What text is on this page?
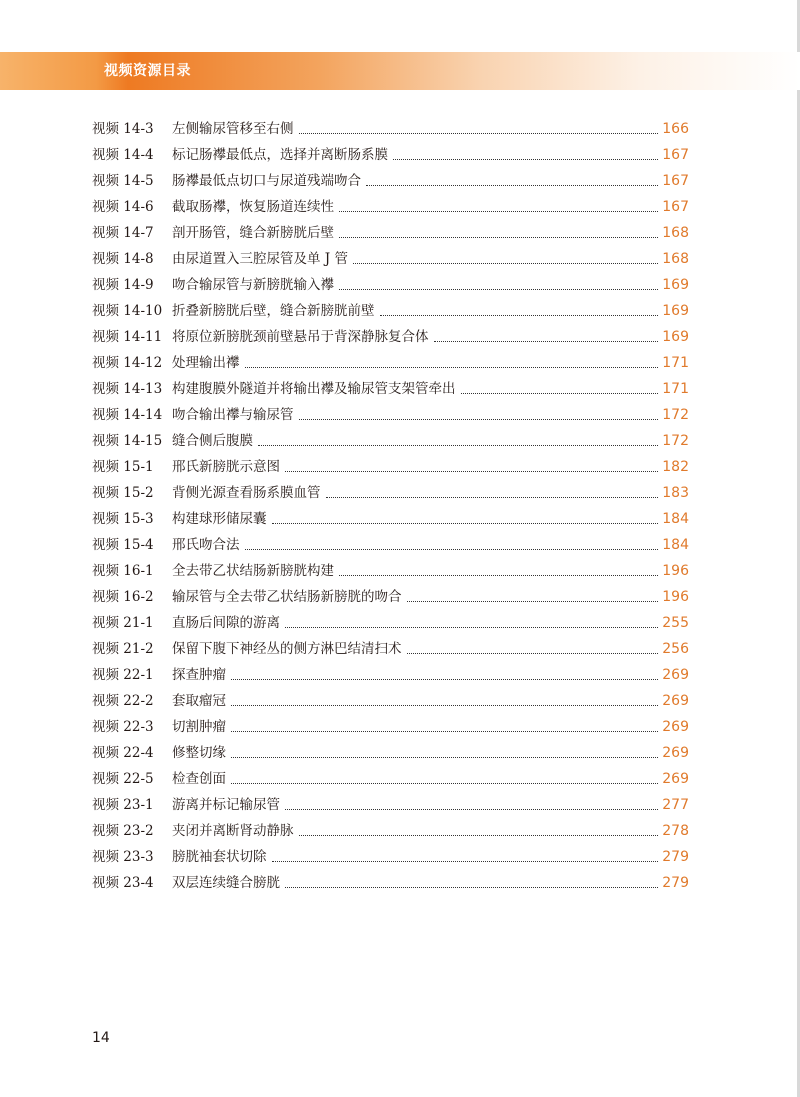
视频资源目录
视频 14-3	左侧输尿管移至右侧	166
视频 14-4	标记肠襻最低点，选择并离断肠系膜	167
视频 14-5	肠襻最低点切口与尿道残端吻合	167
视频 14-6	截取肠襻，恢复肠道连续性	167
视频 14-7	剖开肠管，缝合新膀胱后壁	168
视频 14-8	由尿道置入三腔尿管及单 J 管	168
视频 14-9	吻合输尿管与新膀胱输入襻	169
视频 14-10 折叠新膀胱后壁，缝合新膀胱前壁	169
视频 14-11 将原位新膀胱颈前壁悬吊于背深静脉复合体	169
视频 14-12 处理输出襻	171
视频 14-13 构建腹膜外隧道并将输出襻及输尿管支架管牵出	171
视频 14-14 吻合输出襻与输尿管	172
视频 14-15 缝合侧后腹膜	172
视频 15-1	邢氏新膀胱示意图	182
视频 15-2	背侧光源查看肠系膜血管	183
视频 15-3	构建球形储尿囊	184
视频 15-4	邢氏吻合法	184
视频 16-1	全去带乙状结肠新膀胱构建	196
视频 16-2	输尿管与全去带乙状结肠新膀胱的吻合	196
视频 21-1	直肠后间隙的游离	255
视频 21-2	保留下腹下神经丛的侧方淋巴结清扫术	256
视频 22-1	探查肿瘤	269
视频 22-2	套取瘤冠	269
视频 22-3	切割肿瘤	269
视频 22-4	修整切缘	269
视频 22-5	检查创面	269
视频 23-1	游离并标记输尿管	277
视频 23-2	夹闭并离断肾动静脉	278
视频 23-3	膀胱袖套状切除	279
视频 23-4	双层连续缝合膀胱	279
14
